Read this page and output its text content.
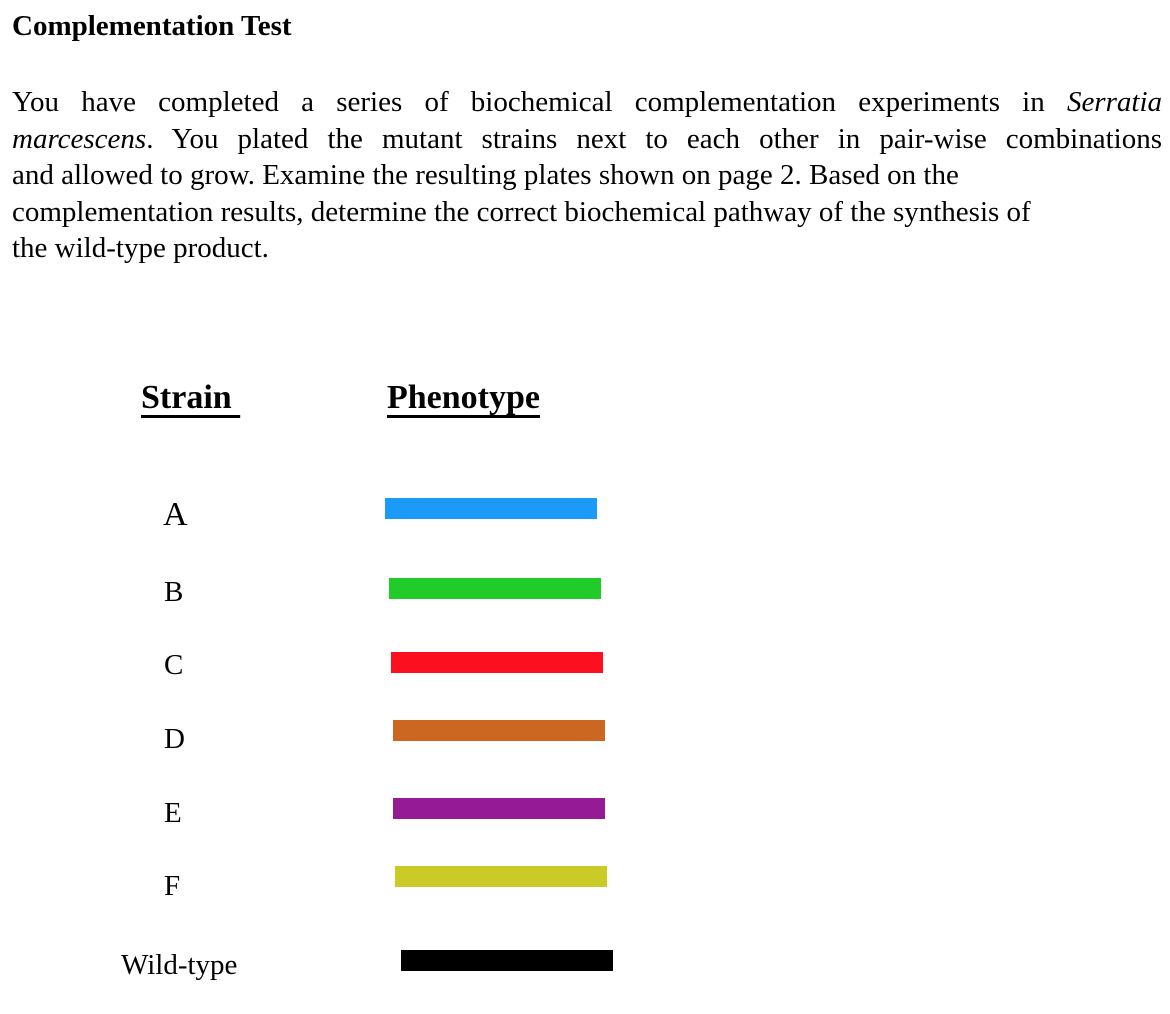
Complementation Test
You have completed a series of biochemical complementation experiments in Serratia
marcescens. You plated the mutant strains next to each other in pair-wise combinations
and allowed to grow. Examine the resulting plates shown on page 2. Based on the
complementation results, determine the correct biochemical pathway of the synthesis of
the wild-type product.
Strain	Phenotype
A
B
C
D
E
F
Wild-type
